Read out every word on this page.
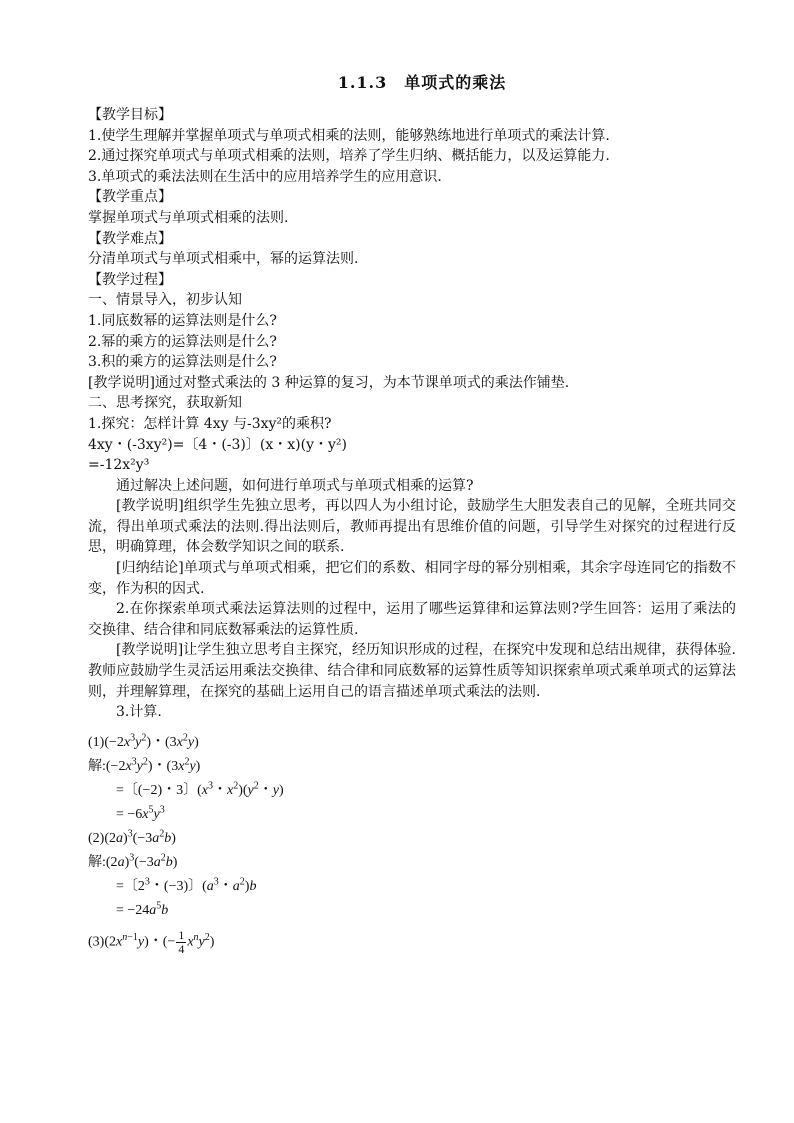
1.1.3　单项式的乘法
【教学目标】
1.使学生理解并掌握单项式与单项式相乘的法则，能够熟练地进行单项式的乘法计算.
2.通过探究单项式与单项式相乘的法则，培养了学生归纳、概括能力，以及运算能力.
3.单项式的乘法法则在生活中的应用培养学生的应用意识.
【教学重点】
掌握单项式与单项式相乘的法则.
【教学难点】
分清单项式与单项式相乘中，幂的运算法则.
【教学过程】
一、情景导入，初步认知
1.同底数幂的运算法则是什么?
2.幂的乘方的运算法则是什么?
3.积的乘方的运算法则是什么?
[教学说明]通过对整式乘法的 3 种运算的复习，为本节课单项式的乘法作铺垫.
二、思考探究，获取新知
1.探究：怎样计算 4xy 与-3xy²的乘积?
4xy・(-3xy²)=〔4・(-3)〕(x・x)(y・y²)
=-12x²y³
通过解决上述问题，如何进行单项式与单项式相乘的运算?
[教学说明]组织学生先独立思考，再以四人为小组讨论，鼓励学生大胆发表自己的见解，全班共同交流，得出单项式乘法的法则.得出法则后，教师再提出有思维价值的问题，引导学生对探究的过程进行反思，明确算理，体会数学知识之间的联系.
[归纳结论]单项式与单项式相乘，把它们的系数、相同字母的幂分别相乘，其余字母连同它的指数不变，作为积的因式.
2.在你探索单项式乘法运算法则的过程中，运用了哪些运算律和运算法则?学生回答：运用了乘法的交换律、结合律和同底数幂乘法的运算性质.
[教学说明]让学生独立思考自主探究，经历知识形成的过程，在探究中发现和总结出规律，获得体验.教师应鼓励学生灵活运用乘法交换律、结合律和同底数幂的运算性质等知识探索单项式乘单项式的运算法则，并理解算理，在探究的基础上运用自己的语言描述单项式乘法的法则.
3.计算.
$(1)(-2x^3y^2)$・$(3x^2y)$
解$:(-2x^3y^2)$・$(3x^2y)$
=〔(−2)・3〕($x^3$・$x^2)(y^2$・y)
= $-6x^5y^3$
$(2)(2a)^3(-3a^2b)$
解$:(2a)^3(-3a^2b)$
=〔$2^3$・(−3)〕($a^3$・$a^2)b$
= $-24a^5b$
$(3)(2x^{n-1}y)$・(− $\frac{1}{4} x^ny^2$)
